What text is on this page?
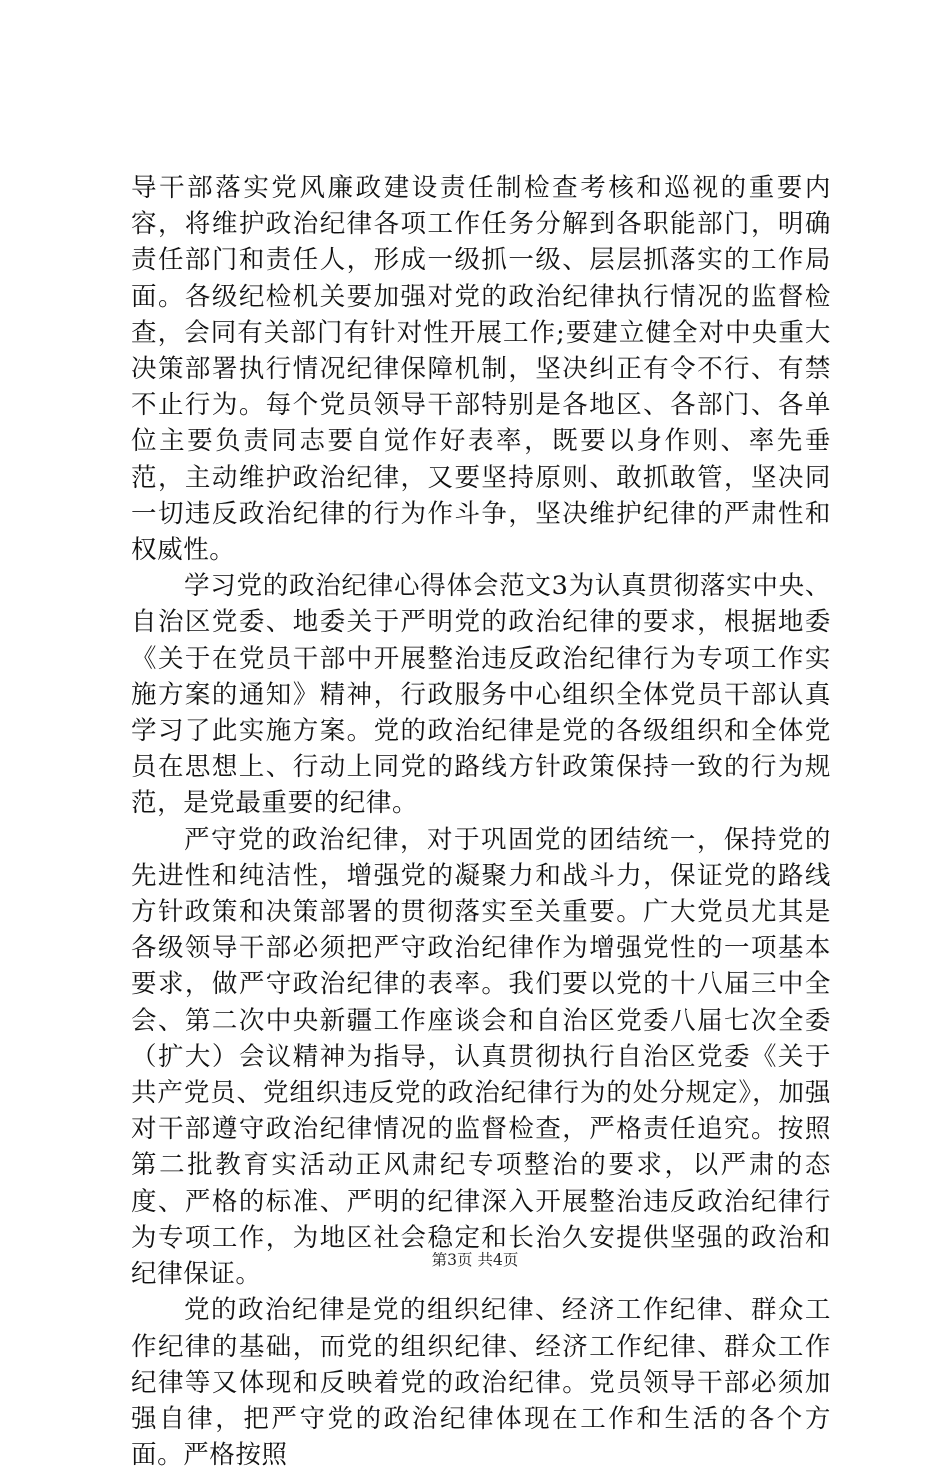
导干部落实党风廉政建设责任制检查考核和巡视的重要内容，将维护政治纪律各项工作任务分解到各职能部门，明确责任部门和责任人，形成一级抓一级、层层抓落实的工作局面。各级纪检机关要加强对党的政治纪律执行情况的监督检查，会同有关部门有针对性开展工作;要建立健全对中央重大决策部署执行情况纪律保障机制，坚决纠正有令不行、有禁不止行为。每个党员领导干部特别是各地区、各部门、各单位主要负责同志要自觉作好表率，既要以身作则、率先垂范，主动维护政治纪律，又要坚持原则、敢抓敢管，坚决同一切违反政治纪律的行为作斗争，坚决维护纪律的严肃性和权威性。

学习党的政治纪律心得体会范文3为认真贯彻落实中央、自治区党委、地委关于严明党的政治纪律的要求，根据地委《关于在党员干部中开展整治违反政治纪律行为专项工作实施方案的通知》精神，行政服务中心组织全体党员干部认真学习了此实施方案。党的政治纪律是党的各级组织和全体党员在思想上、行动上同党的路线方针政策保持一致的行为规范，是党最重要的纪律。

严守党的政治纪律，对于巩固党的团结统一，保持党的先进性和纯洁性，增强党的凝聚力和战斗力，保证党的路线方针政策和决策部署的贯彻落实至关重要。广大党员尤其是各级领导干部必须把严守政治纪律作为增强党性的一项基本要求，做严守政治纪律的表率。我们要以党的十八届三中全会、第二次中央新疆工作座谈会和自治区党委八届七次全委（扩大）会议精神为指导，认真贯彻执行自治区党委《关于共产党员、党组织违反党的政治纪律行为的处分规定》，加强对干部遵守政治纪律情况的监督检查，严格责任追究。按照第二批教育实活动正风肃纪专项整治的要求，以严肃的态度、严格的标准、严明的纪律深入开展整治违反政治纪律行为专项工作，为地区社会稳定和长治久安提供坚强的政治和纪律保证。

党的政治纪律是党的组织纪律、经济工作纪律、群众工作纪律的基础，而党的组织纪律、经济工作纪律、群众工作纪律等又体现和反映着党的政治纪律。党员领导干部必须加强自律，把严守党的政治纪律体现在工作和生活的各个方面。严格按照

第3页 共4页
